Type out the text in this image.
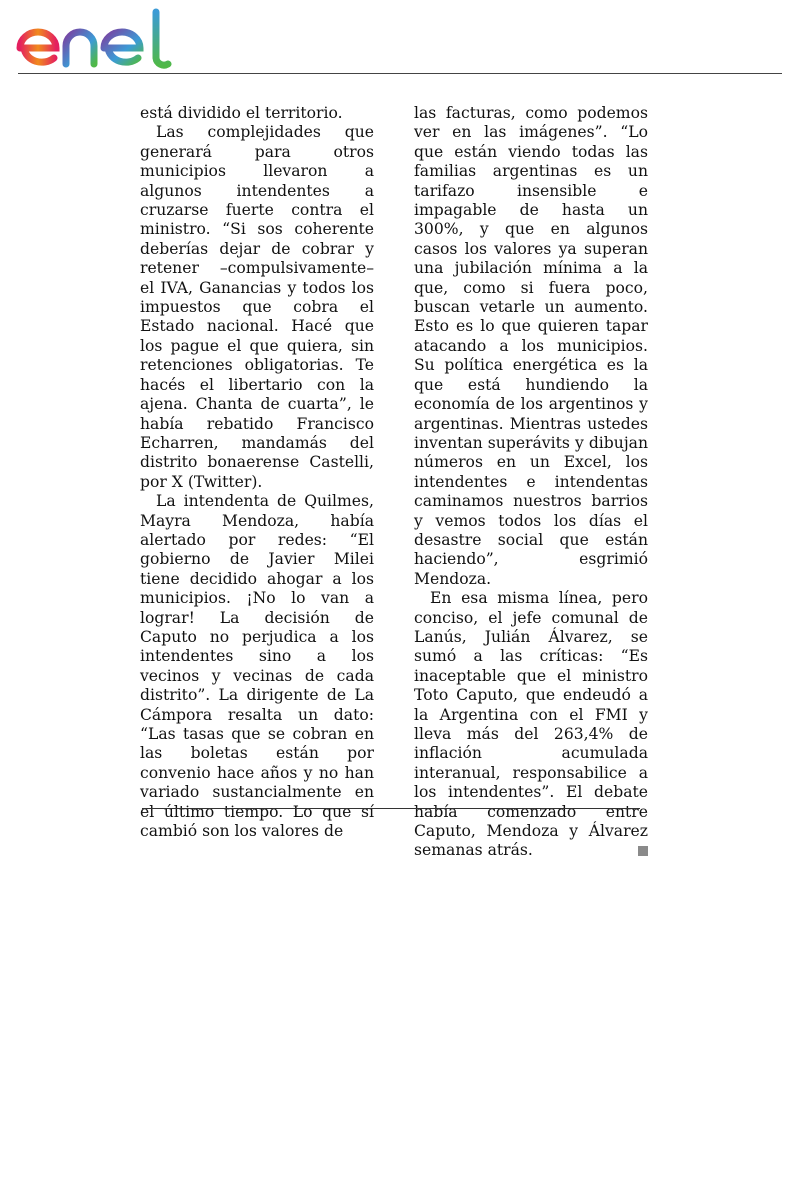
está dividido el territorio.

Las complejidades que generará para otros municipios llevaron a algunos intendentes a cruzarse fuerte contra el ministro. “Si sos coherente deberías dejar de cobrar y retener –compulsivamente– el IVA, Ganancias y todos los impuestos que cobra el Estado nacional. Hacé que los pague el que quiera, sin retenciones obligatorias. Te hacés el libertario con la ajena. Chanta de cuarta”, le había rebatido Francisco Echarren, mandamás del distrito bonaerense Castelli, por X (Twitter).

La intendenta de Quilmes, Mayra Mendoza, había alertado por redes: “El gobierno de Javier Milei tiene decidido ahogar a los municipios. ¡No lo van a lograr! La decisión de Caputo no perjudica a los intendentes sino a los vecinos y vecinas de cada distrito”. La dirigente de La Cámpora resalta un dato: “Las tasas que se cobran en las boletas están por convenio hace años y no han variado sustancialmente en el último tiempo. Lo que sí cambió son los valores de

las facturas, como podemos ver en las imágenes”. “Lo que están viendo todas las familias argentinas es un tarifazo insensible e impagable de hasta un 300%, y que en algunos casos los valores ya superan una jubilación mínima a la que, como si fuera poco, buscan vetarle un aumento. Esto es lo que quieren tapar atacando a los municipios. Su política energética es la que está hundiendo la economía de los argentinos y argentinas. Mientras ustedes inventan superávits y dibujan números en un Excel, los intendentes e intendentas caminamos nuestros barrios y vemos todos los días el desastre social que están haciendo”, esgrimió Mendoza.

En esa misma línea, pero conciso, el jefe comunal de Lanús, Julián Álvarez, se sumó a las críticas: “Es inaceptable que el ministro Toto Caputo, que endeudó a la Argentina con el FMI y lleva más del 263,4% de inflación acumulada interanual, responsabilice a los intendentes”. El debate había comenzado entre Caputo, Mendoza y Álvarez semanas atrás.
